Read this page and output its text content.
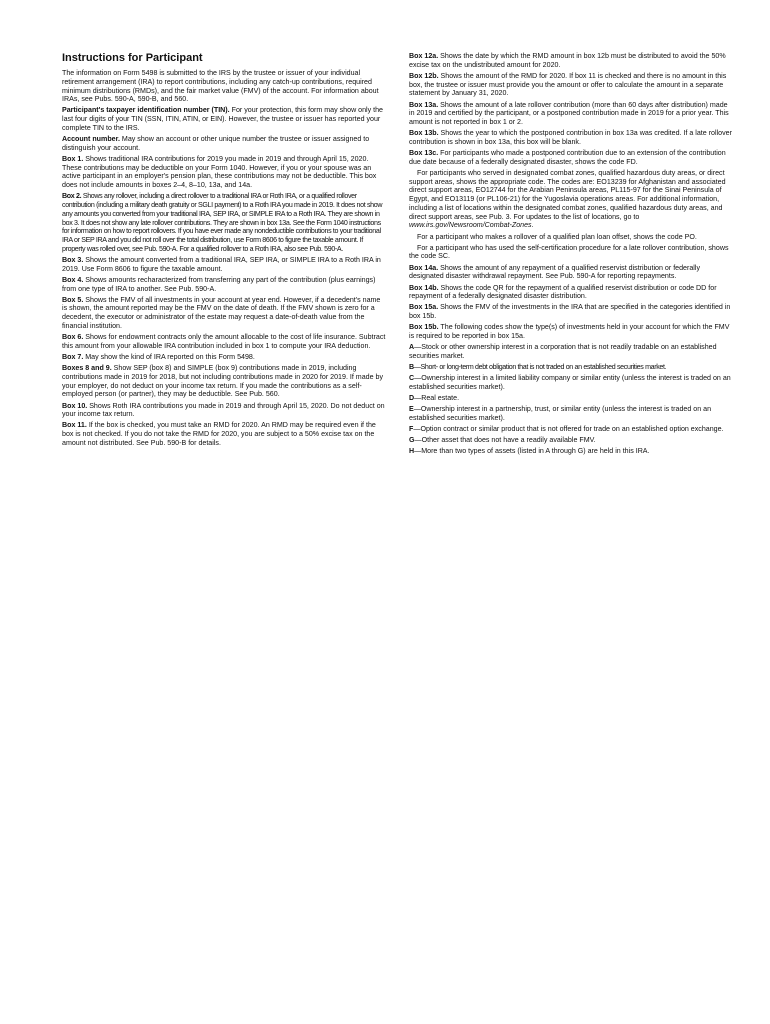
Instructions for Participant

The information on Form 5498 is submitted to the IRS by the trustee or issuer of your individual retirement arrangement (IRA) to report contributions, including any catch-up contributions, required minimum distributions (RMDs), and the fair market value (FMV) of the account. For information about IRAs, see Pubs. 590-A, 590-B, and 560.

Participant's taxpayer identification number (TIN). For your protection, this form may show only the last four digits of your TIN (SSN, ITIN, ATIN, or EIN). However, the trustee or issuer has reported your complete TIN to the IRS.

Account number. May show an account or other unique number the trustee or issuer assigned to distinguish your account.

Box 1. Shows traditional IRA contributions for 2019 you made in 2019 and through April 15, 2020. These contributions may be deductible on your Form 1040. However, if you or your spouse was an active participant in an employer's pension plan, these contributions may not be deductible. This box does not include amounts in boxes 2–4, 8–10, 13a, and 14a.

Box 2. Shows any rollover, including a direct rollover to a traditional IRA or Roth IRA, or a qualified rollover contribution (including a military death gratuity or SGLI payment) to a Roth IRA you made in 2019. It does not show any amounts you converted from your traditional IRA, SEP IRA, or SIMPLE IRA to a Roth IRA. They are shown in box 3. It does not show any late rollover contributions. They are shown in box 13a. See the Form 1040 instructions for information on how to report rollovers. If you have ever made any nondeductible contributions to your traditional IRA or SEP IRA and you did not roll over the total distribution, use Form 8606 to figure the taxable amount. If property was rolled over, see Pub. 590-A. For a qualified rollover to a Roth IRA, also see Pub. 590-A.

Box 3. Shows the amount converted from a traditional IRA, SEP IRA, or SIMPLE IRA to a Roth IRA in 2019. Use Form 8606 to figure the taxable amount.

Box 4. Shows amounts recharacterized from transferring any part of the contribution (plus earnings) from one type of IRA to another. See Pub. 590-A.

Box 5. Shows the FMV of all investments in your account at year end. However, if a decedent's name is shown, the amount reported may be the FMV on the date of death. If the FMV shown is zero for a decedent, the executor or administrator of the estate may request a date-of-death value from the financial institution.

Box 6. Shows for endowment contracts only the amount allocable to the cost of life insurance. Subtract this amount from your allowable IRA contribution included in box 1 to compute your IRA deduction.

Box 7. May show the kind of IRA reported on this Form 5498.

Boxes 8 and 9. Show SEP (box 8) and SIMPLE (box 9) contributions made in 2019, including contributions made in 2019 for 2018, but not including contributions made in 2020 for 2019. If made by your employer, do not deduct on your income tax return. If you made the contributions as a self-employed person (or partner), they may be deductible. See Pub. 560.

Box 10. Shows Roth IRA contributions you made in 2019 and through April 15, 2020. Do not deduct on your income tax return.

Box 11. If the box is checked, you must take an RMD for 2020. An RMD may be required even if the box is not checked. If you do not take the RMD for 2020, you are subject to a 50% excise tax on the amount not distributed. See Pub. 590-B for details.

Box 12a. Shows the date by which the RMD amount in box 12b must be distributed to avoid the 50% excise tax on the undistributed amount for 2020.

Box 12b. Shows the amount of the RMD for 2020. If box 11 is checked and there is no amount in this box, the trustee or issuer must provide you the amount or offer to calculate the amount in a separate statement by January 31, 2020.

Box 13a. Shows the amount of a late rollover contribution (more than 60 days after distribution) made in 2019 and certified by the participant, or a postponed contribution made in 2019 for a prior year. This amount is not reported in box 1 or 2.

Box 13b. Shows the year to which the postponed contribution in box 13a was credited. If a late rollover contribution is shown in box 13a, this box will be blank.

Box 13c. For participants who made a postponed contribution due to an extension of the contribution due date because of a federally designated disaster, shows the code FD.

For participants who served in designated combat zones, qualified hazardous duty areas, or direct support areas, shows the appropriate code. The codes are: EO13239 for Afghanistan and associated direct support areas, EO12744 for the Arabian Peninsula areas, PL115-97 for the Sinai Peninsula of Egypt, and EO13119 (or PL106-21) for the Yugoslavia operations areas. For additional information, including a list of locations within the designated combat zones, qualified hazardous duty areas, and direct support areas, see Pub. 3. For updates to the list of locations, go to www.irs.gov/Newsroom/Combat-Zones.

For a participant who makes a rollover of a qualified plan loan offset, shows the code PO.

For a participant who has used the self-certification procedure for a late rollover contribution, shows the code SC.

Box 14a. Shows the amount of any repayment of a qualified reservist distribution or federally designated disaster withdrawal repayment. See Pub. 590-A for reporting repayments.

Box 14b. Shows the code QR for the repayment of a qualified reservist distribution or code DD for repayment of a federally designated disaster distribution.

Box 15a. Shows the FMV of the investments in the IRA that are specified in the categories identified in box 15b.

Box 15b. The following codes show the type(s) of investments held in your account for which the FMV is required to be reported in box 15a.

A—Stock or other ownership interest in a corporation that is not readily tradable on an established securities market.

B—Short- or long-term debt obligation that is not traded on an established securities market.

C—Ownership interest in a limited liability company or similar entity (unless the interest is traded on an established securities market).

D—Real estate.

E—Ownership interest in a partnership, trust, or similar entity (unless the interest is traded on an established securities market).

F—Option contract or similar product that is not offered for trade on an established option exchange.

G—Other asset that does not have a readily available FMV.

H—More than two types of assets (listed in A through G) are held in this IRA.
